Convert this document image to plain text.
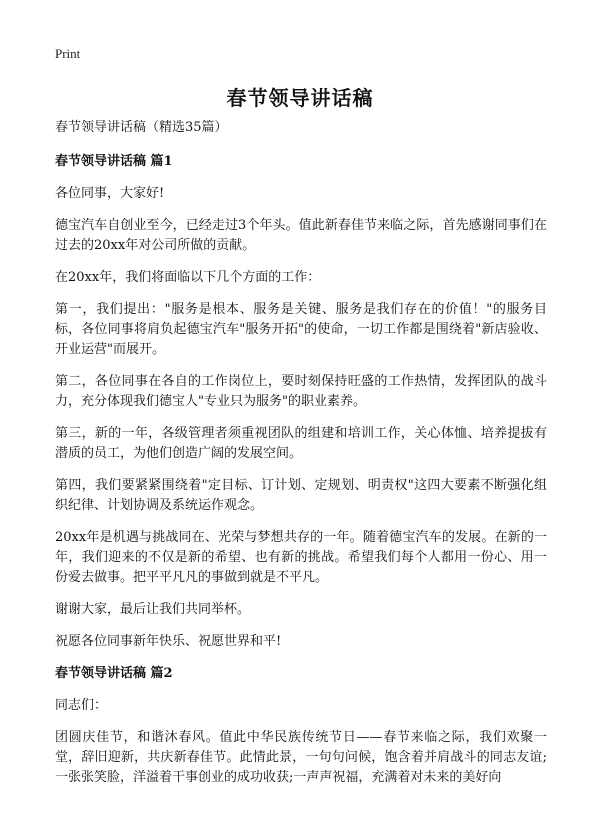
Print
春节领导讲话稿

春节领导讲话稿（精选35篇）

春节领导讲话稿 篇1

各位同事，大家好!

德宝汽车自创业至今，已经走过3个年头。值此新春佳节来临之际，首先感谢同事们在过去的20xx年对公司所做的贡献。

在20xx年，我们将面临以下几个方面的工作：

第一，我们提出："服务是根本、服务是关键、服务是我们存在的价值！"的服务目标，各位同事将肩负起德宝汽车"服务开拓"的使命，一切工作都是围绕着"新店验收、开业运营"而展开。

第二，各位同事在各自的工作岗位上，要时刻保持旺盛的工作热情，发挥团队的战斗力，充分体现我们德宝人"专业只为服务"的职业素养。

第三，新的一年，各级管理者须重视团队的组建和培训工作，关心体恤、培养提拔有潜质的员工，为他们创造广阔的发展空间。

第四，我们要紧紧围绕着"定目标、订计划、定规划、明责权"这四大要素不断强化组织纪律、计划协调及系统运作观念。

20xx年是机遇与挑战同在、光荣与梦想共存的一年。随着德宝汽车的发展。在新的一年，我们迎来的不仅是新的希望、也有新的挑战。希望我们每个人都用一份心、用一份爱去做事。把平平凡凡的事做到就是不平凡。

谢谢大家，最后让我们共同举杯。

祝愿各位同事新年快乐、祝愿世界和平!

春节领导讲话稿 篇2

同志们：

团圆庆佳节，和谐沐春风。值此中华民族传统节日——春节来临之际，我们欢聚一堂，辞旧迎新，共庆新春佳节。此情此景，一句句问候，饱含着并肩战斗的同志友谊;一张张笑脸，洋溢着干事创业的成功收获;一声声祝福，充满着对未来的美好向
